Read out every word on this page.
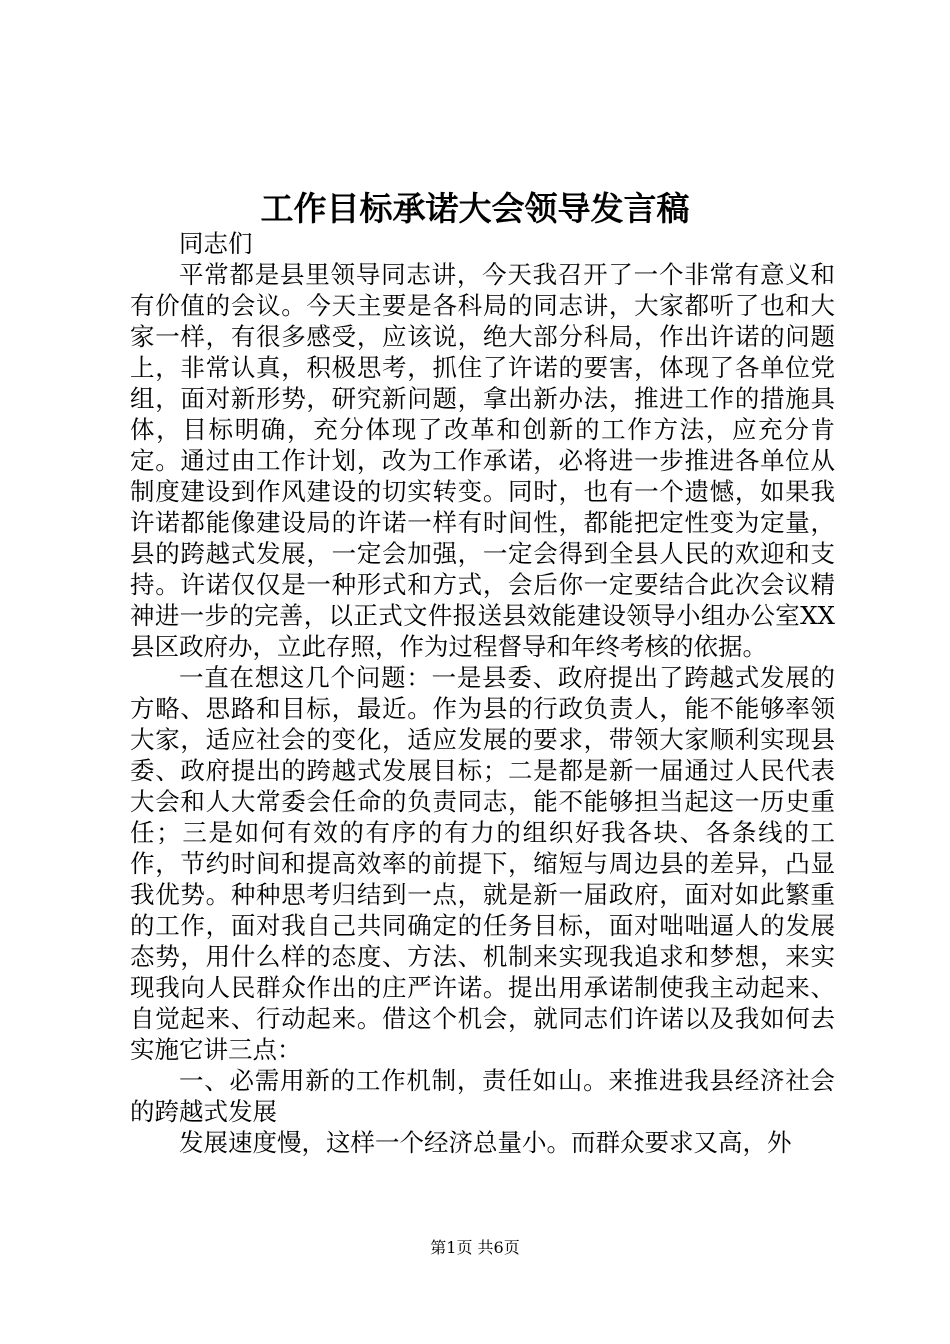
工作目标承诺大会领导发言稿

同志们

平常都是县里领导同志讲，今天我召开了一个非常有意义和有价值的会议。今天主要是各科局的同志讲，大家都听了也和大家一样，有很多感受，应该说，绝大部分科局，作出许诺的问题上，非常认真，积极思考，抓住了许诺的要害，体现了各单位党组，面对新形势，研究新问题，拿出新办法，推进工作的措施具体，目标明确，充分体现了改革和创新的工作方法，应充分肯定。通过由工作计划，改为工作承诺，必将进一步推进各单位从制度建设到作风建设的切实转变。同时，也有一个遗憾，如果我许诺都能像建设局的许诺一样有时间性，都能把定性变为定量，县的跨越式发展，一定会加强，一定会得到全县人民的欢迎和支持。许诺仅仅是一种形式和方式，会后你一定要结合此次会议精神进一步的完善，以正式文件报送县效能建设领导小组办公室XX县区政府办，立此存照，作为过程督导和年终考核的依据。

一直在想这几个问题：一是县委、政府提出了跨越式发展的方略、思路和目标，最近。作为县的行政负责人，能不能够率领大家，适应社会的变化，适应发展的要求，带领大家顺利实现县委、政府提出的跨越式发展目标；二是都是新一届通过人民代表大会和人大常委会任命的负责同志，能不能够担当起这一历史重任；三是如何有效的有序的有力的组织好我各块、各条线的工作，节约时间和提高效率的前提下，缩短与周边县的差异，凸显我优势。种种思考归结到一点，就是新一届政府，面对如此繁重的工作，面对我自己共同确定的任务目标，面对咄咄逼人的发展态势，用什么样的态度、方法、机制来实现我追求和梦想，来实现我向人民群众作出的庄严许诺。提出用承诺制使我主动起来、自觉起来、行动起来。借这个机会，就同志们许诺以及我如何去实施它讲三点：

一、必需用新的工作机制，责任如山。来推进我县经济社会的跨越式发展

发展速度慢，这样一个经济总量小。而群众要求又高，外

第1页 共6页
